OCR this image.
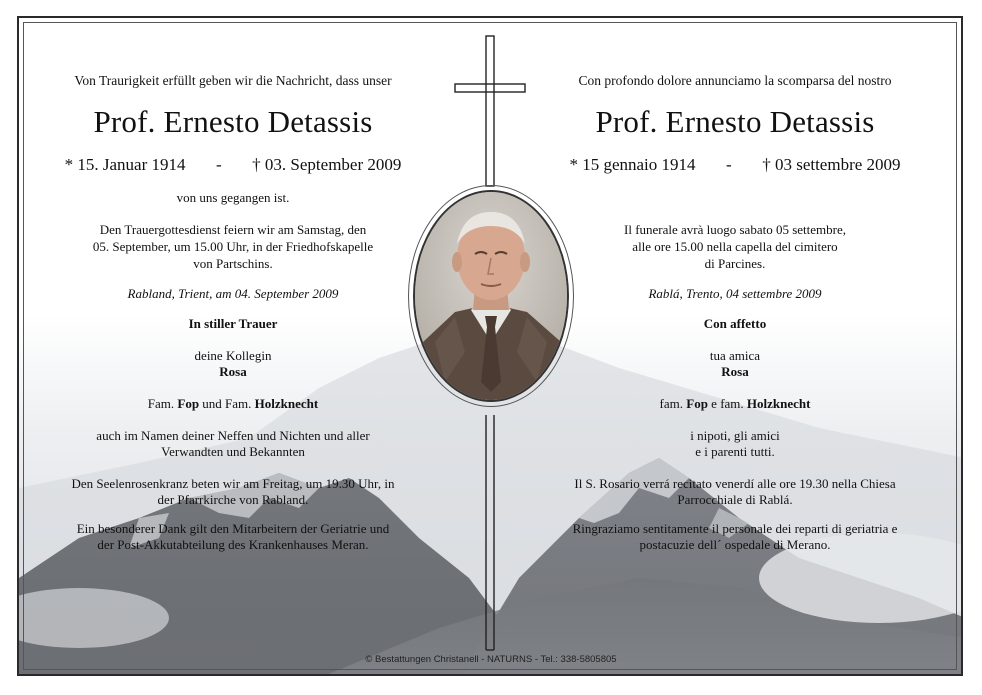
Von Traurigkeit erfüllt geben wir die Nachricht, dass unser
Prof. Ernesto Detassis
* 15. Januar 1914 - † 03. September 2009
von uns gegangen ist.
Den Trauergottesdienst feiern wir am Samstag, den
05. September, um 15.00 Uhr, in der Friedhofskapelle
von Partschins.
Rabland, Trient, am 04. September 2009
In stiller Trauer
deine Kollegin
Rosa
Fam. Fop und Fam. Holzknecht
auch im Namen deiner Neffen und Nichten und aller
Verwandten und Bekannten
Den Seelenrosenkranz beten wir am Freitag, um 19.30 Uhr, in
der Pfarrkirche von Rabland.
Ein besonderer Dank gilt den Mitarbeitern der Geriatrie und
der Post-Akkutabteilung des Krankenhauses Meran.
Con profondo dolore annunciamo la scomparsa del nostro
Prof. Ernesto Detassis
* 15 gennaio 1914 - † 03 settembre 2009
Il funerale avrà luogo sabato 05 settembre,
alle ore 15.00 nella capella del cimitero
di Parcines.
Rablá, Trento, 04 settembre 2009
Con affetto
tua amica
Rosa
fam. Fop e fam. Holzknecht
i nipoti, gli amici
e i parenti tutti.
Il S. Rosario verrá recitato venerdí alle ore 19.30 nella Chiesa
Parrocchiale di Rablá.
Ringraziamo sentitamente il personale dei reparti di geriatria e
postacuzie dell´ ospedale di Merano.
© Bestattungen Christanell - NATURNS - Tel.: 338-5805805
